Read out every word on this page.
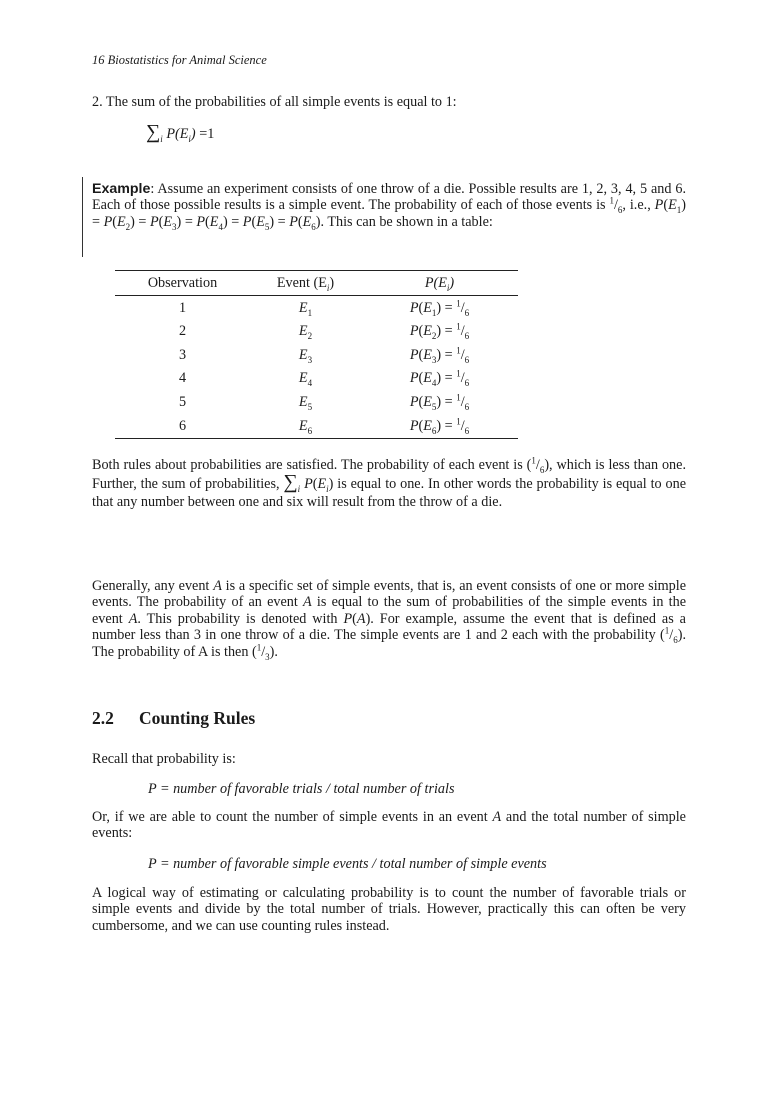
16 Biostatistics for Animal Science
2. The sum of the probabilities of all simple events is equal to 1:
$\sum_i$ $P(E_i) =1$
Example: Assume an experiment consists of one throw of a die. Possible results are 1, 2, 3, 4, 5 and 6. Each of those possible results is a simple event. The probability of each of those events is $^1/_6$, i.e., $P(E_1) = P(E_2) = P(E_3) = P(E_4) = P(E_5) = P(E_6)$. This can be shown in a table:
Observation	Event $(E_i)$	$P(E_i)$
1	$E_1$	$P(E_1) = ^1/_6$
2	$E_2$	$P(E_2) = ^1/_6$
3	$E_3$	$P(E_3) = ^1/_6$
4	$E_4$	$P(E_4) = ^1/_6$
5	$E_5$	$P(E_5) = ^1/_6$
6	$E_6$	$P(E_6) = ^1/_6$
Both rules about probabilities are satisfied. The probability of each event is $(^1/_6)$, which is less than one. Further, the sum of probabilities, $\sum_i$ $P(E_i)$ is equal to one. In other words the probability is equal to one that any number between one and six will result from the throw of a die.
Generally, any event A is a specific set of simple events, that is, an event consists of one or more simple events. The probability of an event A is equal to the sum of probabilities of the simple events in the event A. This probability is denoted with P(A). For example, assume the event that is defined as a number less than 3 in one throw of a die. The simple events are 1 and 2 each with the probability $(^1/_6)$. The probability of A is then $(^1/_3)$.
2.2 Counting Rules
Recall that probability is:
P = number of favorable trials / total number of trials
Or, if we are able to count the number of simple events in an event A and the total number of simple events:
P = number of favorable simple events / total number of simple events
A logical way of estimating or calculating probability is to count the number of favorable trials or simple events and divide by the total number of trials. However, practically this can often be very cumbersome, and we can use counting rules instead.
